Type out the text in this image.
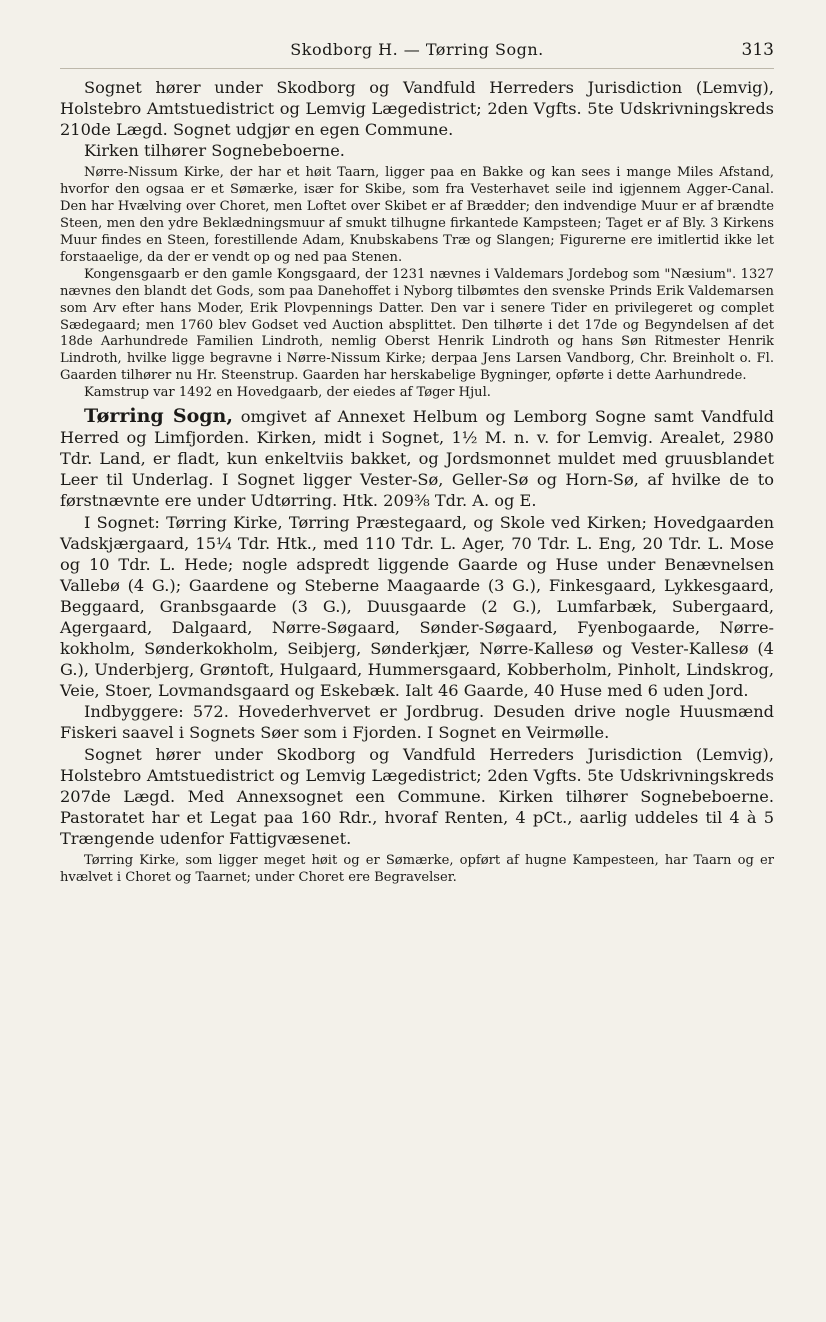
Skodborg H. — Tørring Sogn.	313

Sognet hører under Skodborg og Vandfuld Herreders Jurisdiction (Lemvig), Holstebro Amtstuedistrict og Lemvig Lægedistrict; 2den Vgfts. 5te Udskrivningskreds 210de Lægd. Sognet udgjør en egen Commune.

Kirken tilhører Sognebeboerne.

Nørre-Nissum Kirke, der har et høit Taarn, ligger paa en Bakke og kan sees i mange Miles Afstand, hvorfor den ogsaa er et Sømærke, især for Skibe, som fra Vesterhavet seile ind igjennem Agger-Canal. Den har Hvælving over Choret, men Loftet over Skibet er af Brædder; den indvendige Muur er af brændte Steen, men den ydre Beklædningsmuur af smukt tilhugne firkantede Kampsteen; Taget er af Bly. 3 Kirkens Muur findes en Steen, forestillende Adam, Knubskabens Træ og Slangen; Figurerne ere imitlertid ikke let forstaaelige, da der er vendt op og ned paa Stenen.

Kongensgaarb er den gamle Kongsgaard, der 1231 nævnes i Valdemars Jordebog som "Næsium". 1327 nævnes den blandt det Gods, som paa Danehoffet i Nyborg tilbømtes den svenske Prinds Erik Valdemarsen som Arv efter hans Moder, Erik Plovpennings Datter. Den var i senere Tider en privilegeret og complet Sædegaard; men 1760 blev Godset ved Auction absplittet. Den tilhørte i det 17de og Begyndelsen af det 18de Aarhundrede Familien Lindroth, nemlig Oberst Henrik Lindroth og hans Søn Ritmester Henrik Lindroth, hvilke ligge begravne i Nørre-Nissum Kirke; derpaa Jens Larsen Vandborg, Chr. Breinholt o. Fl. Gaarden tilhører nu Hr. Steenstrup. Gaarden har herskabelige Bygninger, opførte i dette Aarhundrede.

Kamstrup var 1492 en Hovedgaarb, der eiedes af Tøger Hjul.

Tørring Sogn, omgivet af Annexet Helbum og Lemborg Sogne samt Vandfuld Herred og Limfjorden. Kirken, midt i Sognet, 1½ M. n. v. for Lemvig. Arealet, 2980 Tdr. Land, er fladt, kun enkeltviis bakket, og Jordsmonnet muldet med gruusblandet Leer til Underlag. I Sognet ligger Vester-Sø, Geller-Sø og Horn-Sø, af hvilke de to førstnævnte ere under Udtørring. Htk. 209⅜ Tdr. A. og E.

I Sognet: Tørring Kirke, Tørring Præstegaard, og Skole ved Kirken; Hovedgaarden Vadskjærgaard, 15¼ Tdr. Htk., med 110 Tdr. L. Ager, 70 Tdr. L. Eng, 20 Tdr. L. Mose og 10 Tdr. L. Hede; nogle adspredt liggende Gaarde og Huse under Benævnelsen Vallebø (4 G.); Gaardene og Steberne Maagaarde (3 G.), Finkesgaard, Lykkesgaard, Beggaard, Granbsgaarde (3 G.), Duusgaarde (2 G.), Lumfarbæk, Subergaard, Agergaard, Dalgaard, Nørre-Søgaard, Sønder-Søgaard, Fyenbogaarde, Nørre-kokholm, Sønderkokholm, Seibjerg, Sønderkjær, Nørre-Kallesø og Vester-Kallesø (4 G.), Underbjerg, Grøntoft, Hulgaard, Hummersgaard, Kobberholm, Pinholt, Lindskrog, Veie, Stoer, Lovmandsgaard og Eskebæk. Ialt 46 Gaarde, 40 Huse med 6 uden Jord.

Indbyggere: 572. Hovederhvervet er Jordbrug. Desuden drive nogle Huusmænd Fiskeri saavel i Sognets Søer som i Fjorden. I Sognet en Veirmølle.

Sognet hører under Skodborg og Vandfuld Herreders Jurisdiction (Lemvig), Holstebro Amtstuedistrict og Lemvig Lægedistrict; 2den Vgfts. 5te Udskrivningskreds 207de Lægd. Med Annexsognet een Commune. Kirken tilhører Sognebeboerne. Pastoratet har et Legat paa 160 Rdr., hvoraf Renten, 4 pCt., aarlig uddeles til 4 à 5 Trængende udenfor Fattigvæsenet.

Tørring Kirke, som ligger meget høit og er Sømærke, opført af hugne Kampesteen, har Taarn og er hvælvet i Choret og Taarnet; under Choret ere Begravelser.
